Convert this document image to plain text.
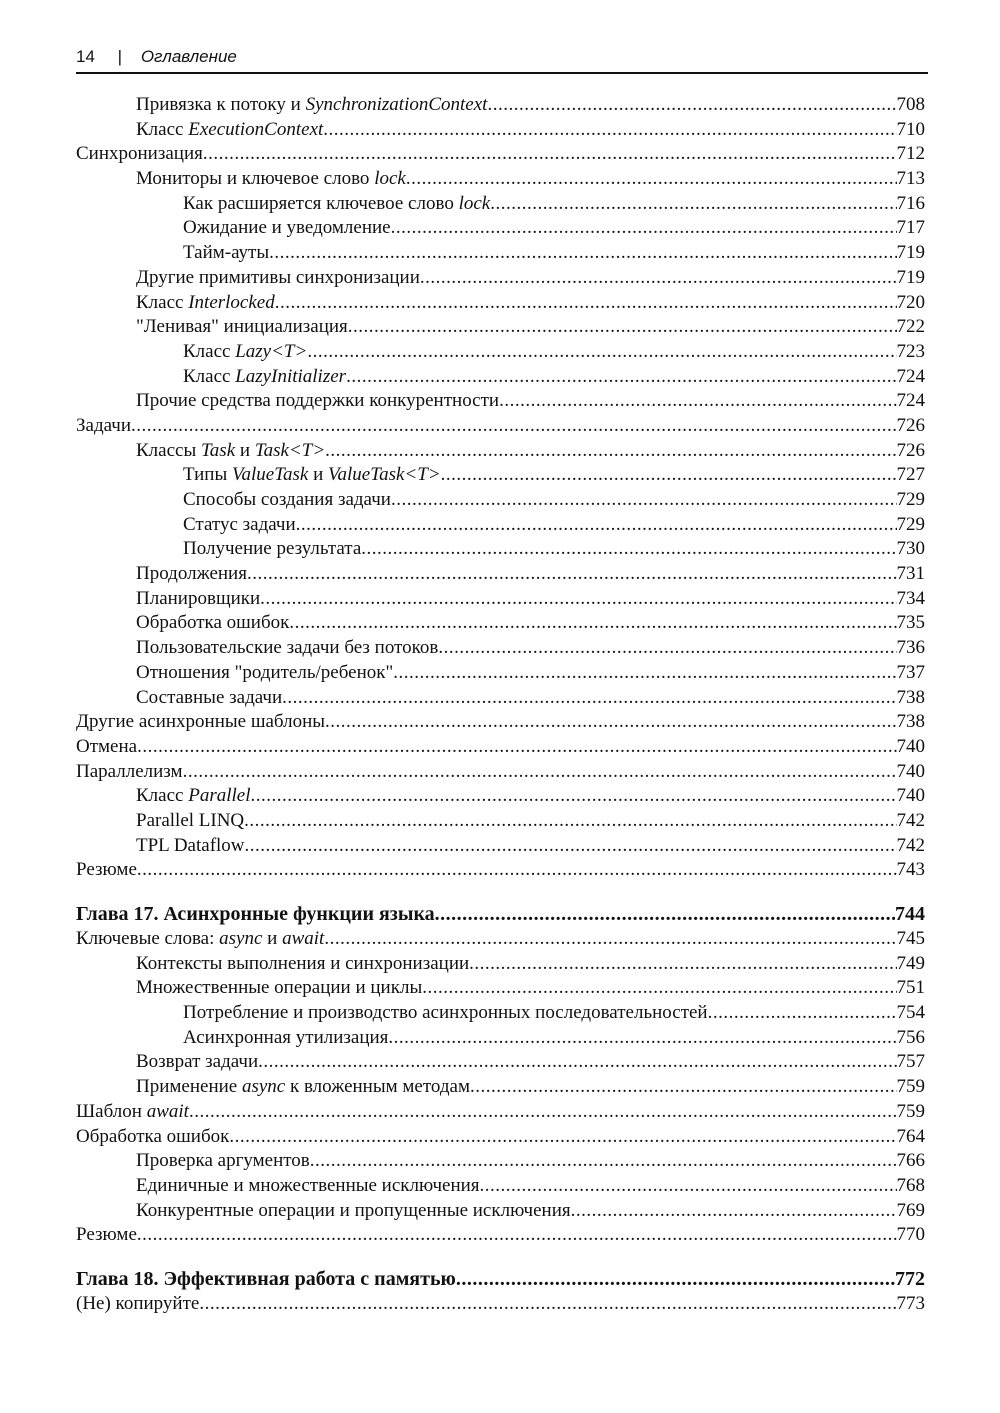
14 | Оглавление
Привязка к потоку и SynchronizationContext .....	708
Класс ExecutionContext .....	710
Синхронизация .....	712
Мониторы и ключевое слово lock .....	713
Как расширяется ключевое слово lock .....	716
Ожидание и уведомление .....	717
Тайм-ауты .....	719
Другие примитивы синхронизации .....	719
Класс Interlocked .....	720
"Ленивая" инициализация .....	722
Класс Lazy<T> .....	723
Класс LazyInitializer .....	724
Прочие средства поддержки конкурентности .....	724
Задачи .....	726
Классы Task и Task<T> .....	726
Типы ValueTask и ValueTask<T> .....	727
Способы создания задачи .....	729
Статус задачи .....	729
Получение результата .....	730
Продолжения .....	731
Планировщики .....	734
Обработка ошибок .....	735
Пользовательские задачи без потоков .....	736
Отношения "родитель/ребенок" .....	737
Составные задачи .....	738
Другие асинхронные шаблоны .....	738
Отмена .....	740
Параллелизм .....	740
Класс Parallel .....	740
Parallel LINQ .....	742
TPL Dataflow .....	742
Резюме .....	743
Глава 17. Асинхронные функции языка .....	744
Ключевые слова: async и await .....	745
Контексты выполнения и синхронизации .....	749
Множественные операции и циклы .....	751
Потребление и производство асинхронных последовательностей .....	754
Асинхронная утилизация .....	756
Возврат задачи .....	757
Применение async к вложенным методам .....	759
Шаблон await .....	759
Обработка ошибок .....	764
Проверка аргументов .....	766
Единичные и множественные исключения .....	768
Конкурентные операции и пропущенные исключения .....	769
Резюме .....	770
Глава 18. Эффективная работа с памятью .....	772
(Не) копируйте .....	773
